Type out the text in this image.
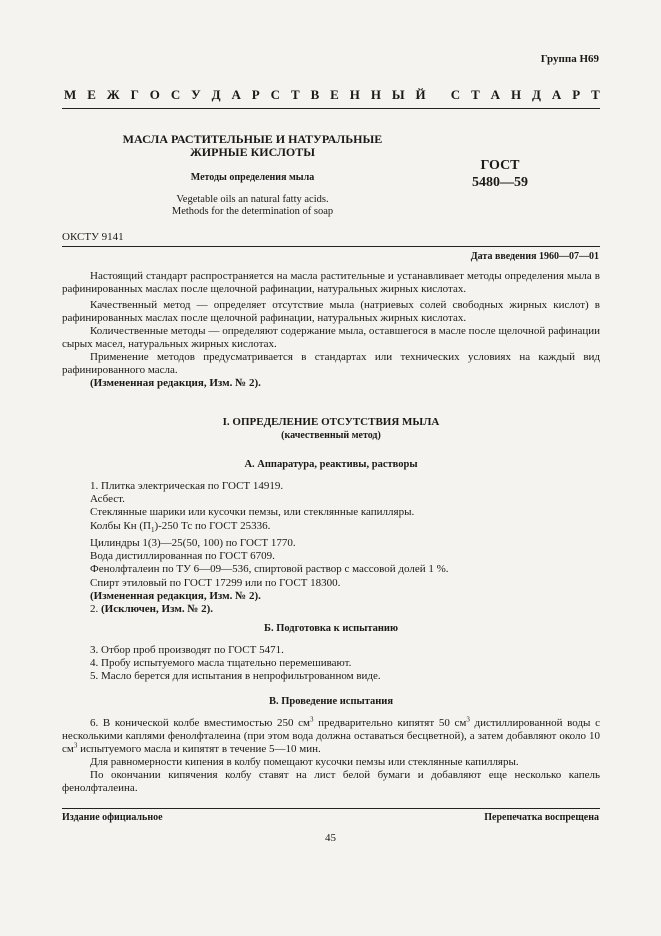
Группа Н69
М Е Ж Г О С У Д А Р С Т В Е Н Н Ы Й
С Т А Н Д А Р Т
МАСЛА РАСТИТЕЛЬНЫЕ И НАТУРАЛЬНЫЕ
ЖИРНЫЕ КИСЛОТЫ
Методы определения мыла
Vegetable oils an natural fatty acids.
Methods for the determination of soap
ГОСТ
5480—59
ОКСТУ 9141
Дата введения 1960—07—01
Настоящий стандарт распространяется на масла растительные и устанавливает методы определения мыла в рафинированных маслах после щелочной рафинации, натуральных жирных кислотах.
Качественный метод — определяет отсутствие мыла (натриевых солей свободных жирных кислот) в рафинированных маслах после щелочной рафинации, натуральных жирных кислотах.
Количественные методы — определяют содержание мыла, оставшегося в масле после щелочной рафинации сырых масел, натуральных жирных кислотах.
Применение методов предусматривается в стандартах или технических условиях на каждый вид рафинированного масла.
(Измененная редакция, Изм. № 2).
I. ОПРЕДЕЛЕНИЕ ОТСУТСТВИЯ МЫЛА
(качественный метод)
А. Аппаратура, реактивы, растворы
1. Плитка электрическая по ГОСТ 14919.
Асбест.
Стеклянные шарики или кусочки пемзы, или стеклянные капилляры.
Колбы Кн $(П_1)-250$ Тс по ГОСТ 25336.
Цилиндры 1(3)—25(50, 100) по ГОСТ 1770.
Вода дистиллированная по ГОСТ 6709.
Фенолфталеин по ТУ 6—09—536, спиртовой раствор с массовой долей 1 %.
Спирт этиловый по ГОСТ 17299 или по ГОСТ 18300.
(Измененная редакция, Изм. № 2).
2. (Исключен, Изм. № 2).
Б. Подготовка к испытанию
3. Отбор проб производят по ГОСТ 5471.
4. Пробу испытуемого масла тщательно перемешивают.
5. Масло берется для испытания в непрофильтрованном виде.
В. Проведение испытания
6. В конической колбе вместимостью 250 $см^3$ предварительно кипятят 50 $см^3$ дистиллированной воды с несколькими каплями фенолфталеина (при этом вода должна оставаться бесцветной), а затем добавляют около 10 $см^3$ испытуемого масла и кипятят в течение 5—10 мин.
Для равномерности кипения в колбу помещают кусочки пемзы или стеклянные капилляры.
По окончании кипячения колбу ставят на лист белой бумаги и добавляют еще несколько капель фенолфталеина.
Издание официальное	Перепечатка воспрещена
45
